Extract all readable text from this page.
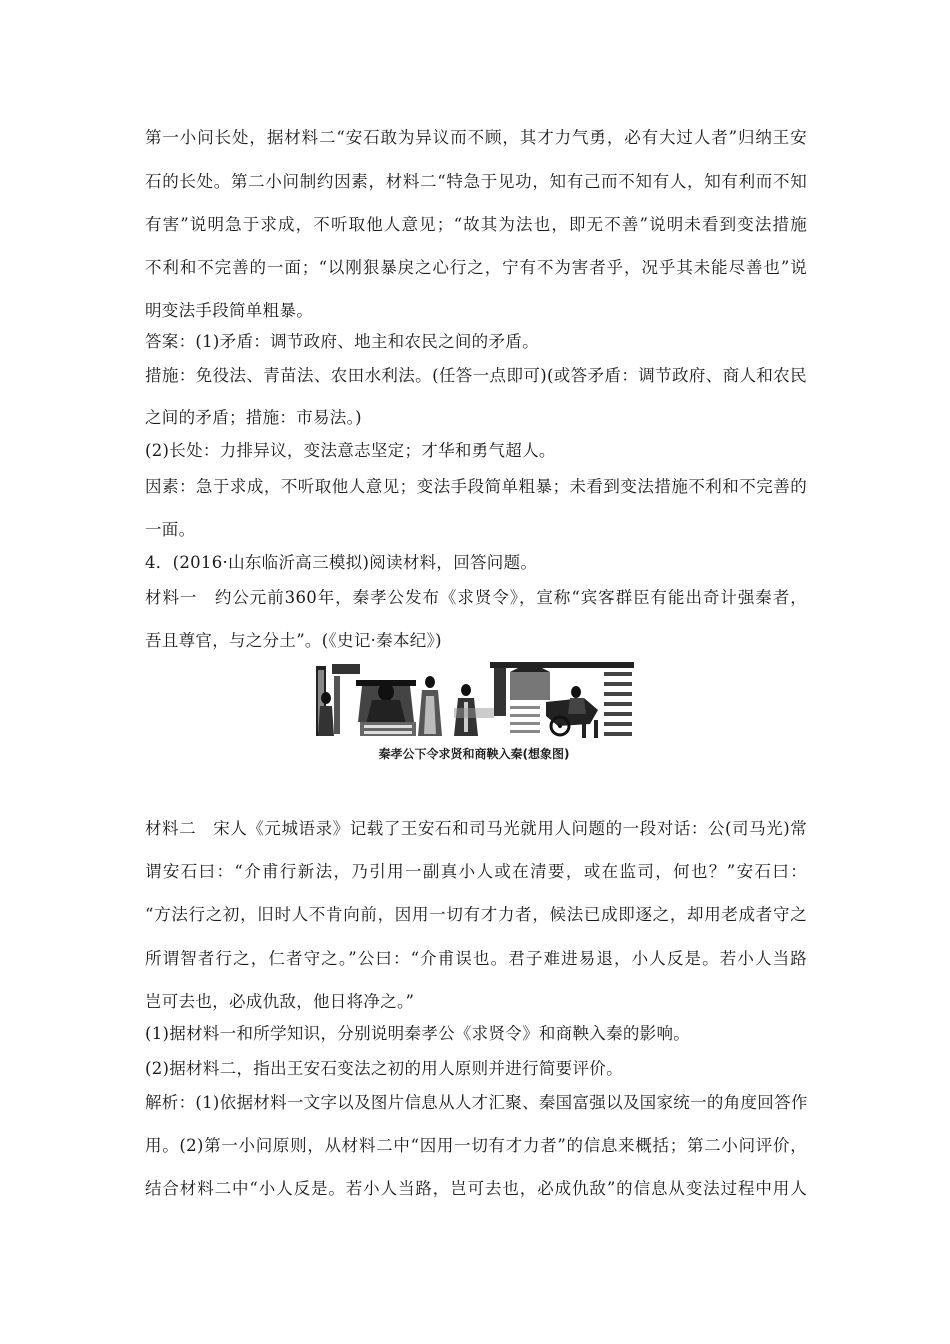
第一小问长处，据材料二“安石敢为异议而不顾，其才力气勇，必有大过人者”归纳王安
石的长处。第二小问制约因素，材料二“特急于见功，知有己而不知有人，知有利而不知
有害”说明急于求成，不听取他人意见；“故其为法也，即无不善”说明未看到变法措施
不利和不完善的一面；“以刚狠暴戾之心行之，宁有不为害者乎，况乎其未能尽善也”说
明变法手段简单粗暴。
答案：(1)矛盾：调节政府、地主和农民之间的矛盾。
措施：免役法、青苗法、农田水利法。(任答一点即可)(或答矛盾：调节政府、商人和农民
之间的矛盾；措施：市易法。)
(2)长处：力排异议，变法意志坚定；才华和勇气超人。
因素：急于求成，不听取他人意见；变法手段简单粗暴；未看到变法措施不利和不完善的
一面。
4．(2016·山东临沂高三模拟)阅读材料，回答问题。
材料一　约公元前360年，秦孝公发布《求贤令》，宣称“宾客群臣有能出奇计强秦者，
吾且尊官，与之分土”。(《史记·秦本纪》)
秦孝公下令求贤和商鞅入秦(想象图)
材料二　宋人《元城语录》记载了王安石和司马光就用人问题的一段对话：公(司马光)常
谓安石曰：“介甫行新法，乃引用一副真小人或在清要，或在监司，何也？”安石曰：
“方法行之初，旧时人不肯向前，因用一切有才力者，候法已成即逐之，却用老成者守之
所谓智者行之，仁者守之。”公曰：“介甫误也。君子难进易退，小人反是。若小人当路
岂可去也，必成仇敌，他日将净之。”
(1)据材料一和所学知识，分别说明秦孝公《求贤令》和商鞅入秦的影响。
(2)据材料二，指出王安石变法之初的用人原则并进行简要评价。
解析：(1)依据材料一文字以及图片信息从人才汇聚、秦国富强以及国家统一的角度回答作
用。(2)第一小问原则，从材料二中“因用一切有才力者”的信息来概括；第二小问评价，
结合材料二中“小人反是。若小人当路，岂可去也，必成仇敌”的信息从变法过程中用人
